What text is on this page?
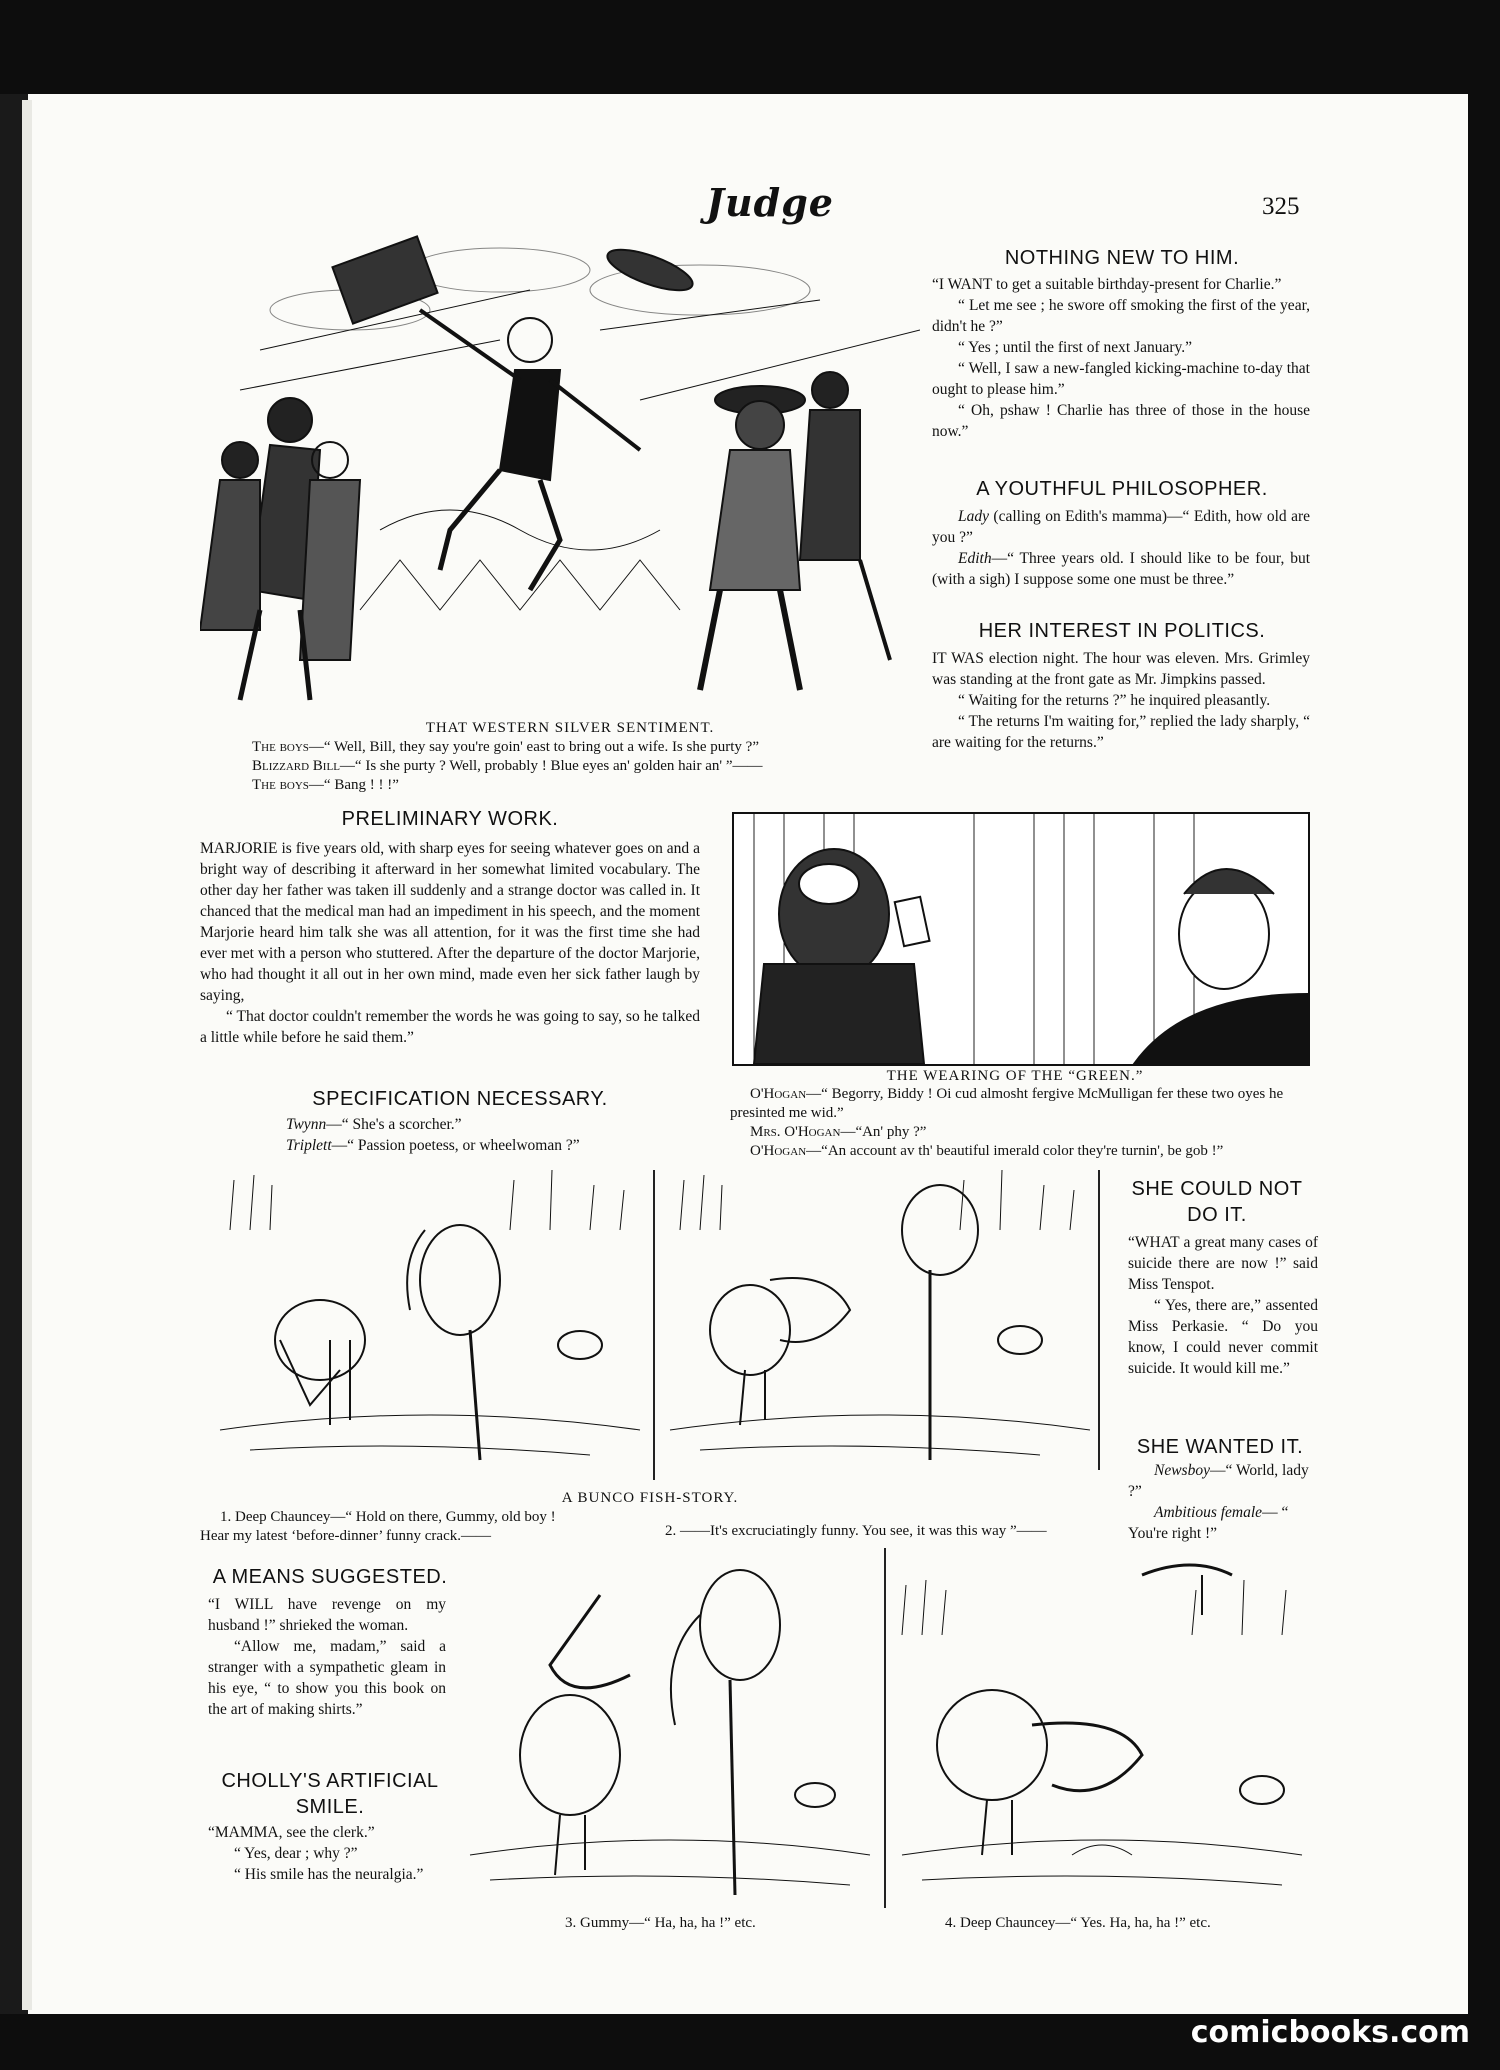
Judge	325
THAT WESTERN SILVER SENTIMENT.
The boys—“ Well, Bill, they say you're goin' east to bring out a wife. Is she purty ?”
Blizzard Bill—“ Is she purty ? Well, probably ! Blue eyes an' golden hair an' ”——
The boys—“ Bang ! ! !”
NOTHING NEW TO HIM.

“I WANT to get a suitable birthday-present for Charlie.”

“ Let me see ; he swore off smoking the first of the year, didn't he ?”

“ Yes ; until the first of next January.”

“ Well, I saw a new-fangled kicking-machine to-day that ought to please him.”

“ Oh, pshaw ! Charlie has three of those in the house now.”

A YOUTHFUL PHILOSOPHER.

Lady (calling on Edith's mamma)—“ Edith, how old are you ?”

Edith—“ Three years old. I should like to be four, but (with a sigh) I suppose some one must be three.”

HER INTEREST IN POLITICS.

IT WAS election night. The hour was eleven. Mrs. Grimley was standing at the front gate as Mr. Jimpkins passed.

“ Waiting for the returns ?” he inquired pleasantly.

“ The returns I'm waiting for,” replied the lady sharply, “ are waiting for the returns.”

PRELIMINARY WORK.

MARJORIE is five years old, with sharp eyes for seeing whatever goes on and a bright way of describing it afterward in her somewhat limited vocabulary. The other day her father was taken ill suddenly and a strange doctor was called in. It chanced that the medical man had an impediment in his speech, and the moment Marjorie heard him talk she was all attention, for it was the first time she had ever met with a person who stuttered. After the departure of the doctor Marjorie, who had thought it all out in her own mind, made even her sick father laugh by saying,

“ That doctor couldn't remember the words he was going to say, so he talked a little while before he said them.”

THE WEARING OF THE “GREEN.”
O'Hogan—“ Begorry, Biddy ! Oi cud almosht fergive McMulligan fer these two oyes he presinted me wid.”
Mrs. O'Hogan—“An' phy ?”
O'Hogan—“An account av th' beautiful imerald color they're turnin', be gob !”
SPECIFICATION NECESSARY.

Twynn—“ She's a scorcher.”

Triplett—“ Passion poetess, or wheelwoman ?”

SHE COULD NOT
DO IT.

“WHAT a great many cases of suicide there are now !” said Miss Tenspot.

“ Yes, there are,” assented Miss Perkasie. “ Do you know, I could never commit suicide. It would kill me.”

SHE WANTED IT.

Newsboy—“ World, lady ?”

Ambitious female— “ You're right !”

A BUNCO FISH-STORY.
1. Deep Chauncey—“ Hold on there, Gummy, old boy !
Hear my latest ‘before-dinner’ funny crack.——	2. ——It's excruciatingly funny. You see, it was this way ”——
A MEANS SUGGESTED.

“I WILL have revenge on my husband !” shrieked the woman.

“Allow me, madam,” said a stranger with a sympathetic gleam in his eye, “ to show you this book on the art of making shirts.”

CHOLLY'S ARTIFICIAL
SMILE.

“MAMMA, see the clerk.”

“ Yes, dear ; why ?”

“ His smile has the neuralgia.”

3. Gummy—“ Ha, ha, ha !” etc.	4. Deep Chauncey—“ Yes. Ha, ha, ha !” etc.
comicbooks.com
